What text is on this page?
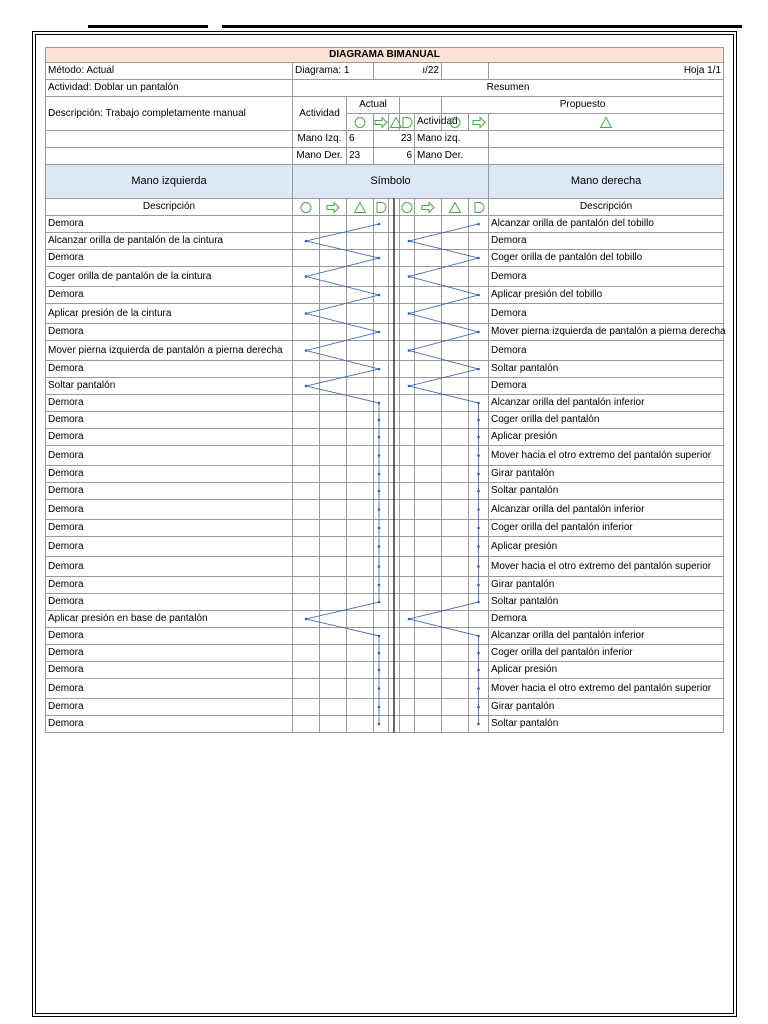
DIAGRAMA BIMANUAL											
Método: Actual	Diagrama: 1			ı/22						Hoja 1/1	
Actividad: Doblar un pantalón	Resumen										
Descripción: Trabajo completamente manual	Actividad		Actual					Propuesto			

	Actividad	

	Mano Izq.		6	23			Mano izq.				
	Mano Der.		23	6			Mano Der.				
Mano izquierda	Símbolo									Mano derecha	
Descripción										Descripción	
Demora										Alcanzar orilla de pantalón del tobillo	
Alcanzar orilla de pantalón de la cintura										Demora	
Demora										Coger orilla de pantalón del tobillo	
Coger orilla de pantalón de la cintura										Demora	
Demora										Aplicar presión del tobillo	
Aplicar presión de la cintura										Demora	
Demora										Mover pierna izquierda de pantalón a pierna derecha	
Mover pierna izquierda de pantalón a pierna derecha										Demora	
Demora										Soltar pantalón	
Soltar pantalón										Demora	
Demora										Alcanzar orilla del pantalón inferior	
Demora										Coger orilla del pantalón	
Demora										Aplicar presión	
Demora										Mover hacia el otro extremo del pantalón superior	
Demora										Girar pantalón	
Demora										Soltar pantalón	
Demora										Alcanzar orilla del pantalón inferior	
Demora										Coger orilla del pantalón inferior	
Demora										Aplicar presión	
Demora										Mover hacia el otro extremo del pantalón superior	
Demora										Girar pantalón	
Demora										Soltar pantalón	
Aplicar presión en base de pantalón										Demora	
Demora										Alcanzar orilla del pantalón inferior	
Demora										Coger orilla del pantalón inferior	
Demora										Aplicar presión	
Demora										Mover hacia el otro extremo del pantalón superior	
Demora										Girar pantalón	
Demora										Soltar pantalón	
